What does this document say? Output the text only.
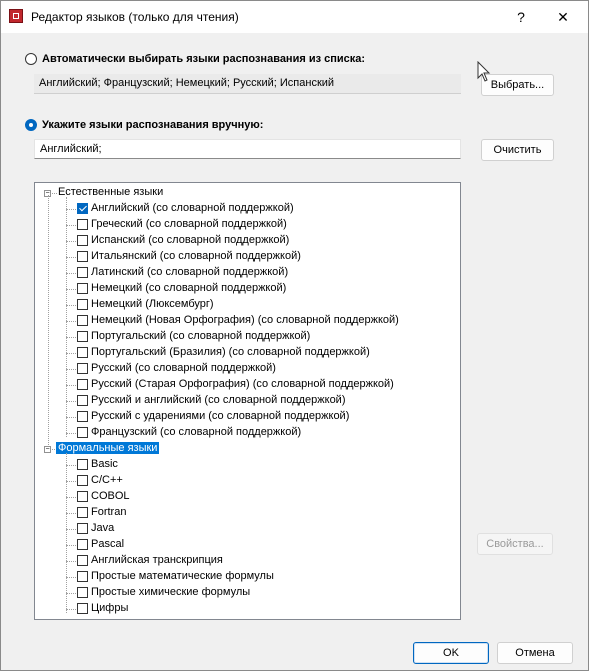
Редактор языков (только для чтения)	?	✕
Автоматически выбирать языки распознавания из списка:
Английский; Французский; Немецкий; Русский; Испанский	Выбрать...
Укажите языки распознавания вручную:
Английский;	Очистить
− Естественные языки
Английский (со словарной поддержкой)
Греческий (со словарной поддержкой)
Испанский (со словарной поддержкой)
Итальянский (со словарной поддержкой)
Латинский (со словарной поддержкой)
Немецкий (со словарной поддержкой)
Немецкий (Люксембург)
Немецкий (Новая Орфография) (со словарной поддержкой)
Португальский (со словарной поддержкой)
Португальский (Бразилия) (со словарной поддержкой)
Русский (со словарной поддержкой)
Русский (Старая Орфография) (со словарной поддержкой)
Русский и английский (со словарной поддержкой)
Русский с ударениями (со словарной поддержкой)
Французский (со словарной поддержкой)
− Формальные языки
Basic
C/C++
COBOL
Fortran
Java
Pascal
Английская транскрипция
Простые математические формулы
Простые химические формулы
Цифры
Свойства...
OK	Отмена
